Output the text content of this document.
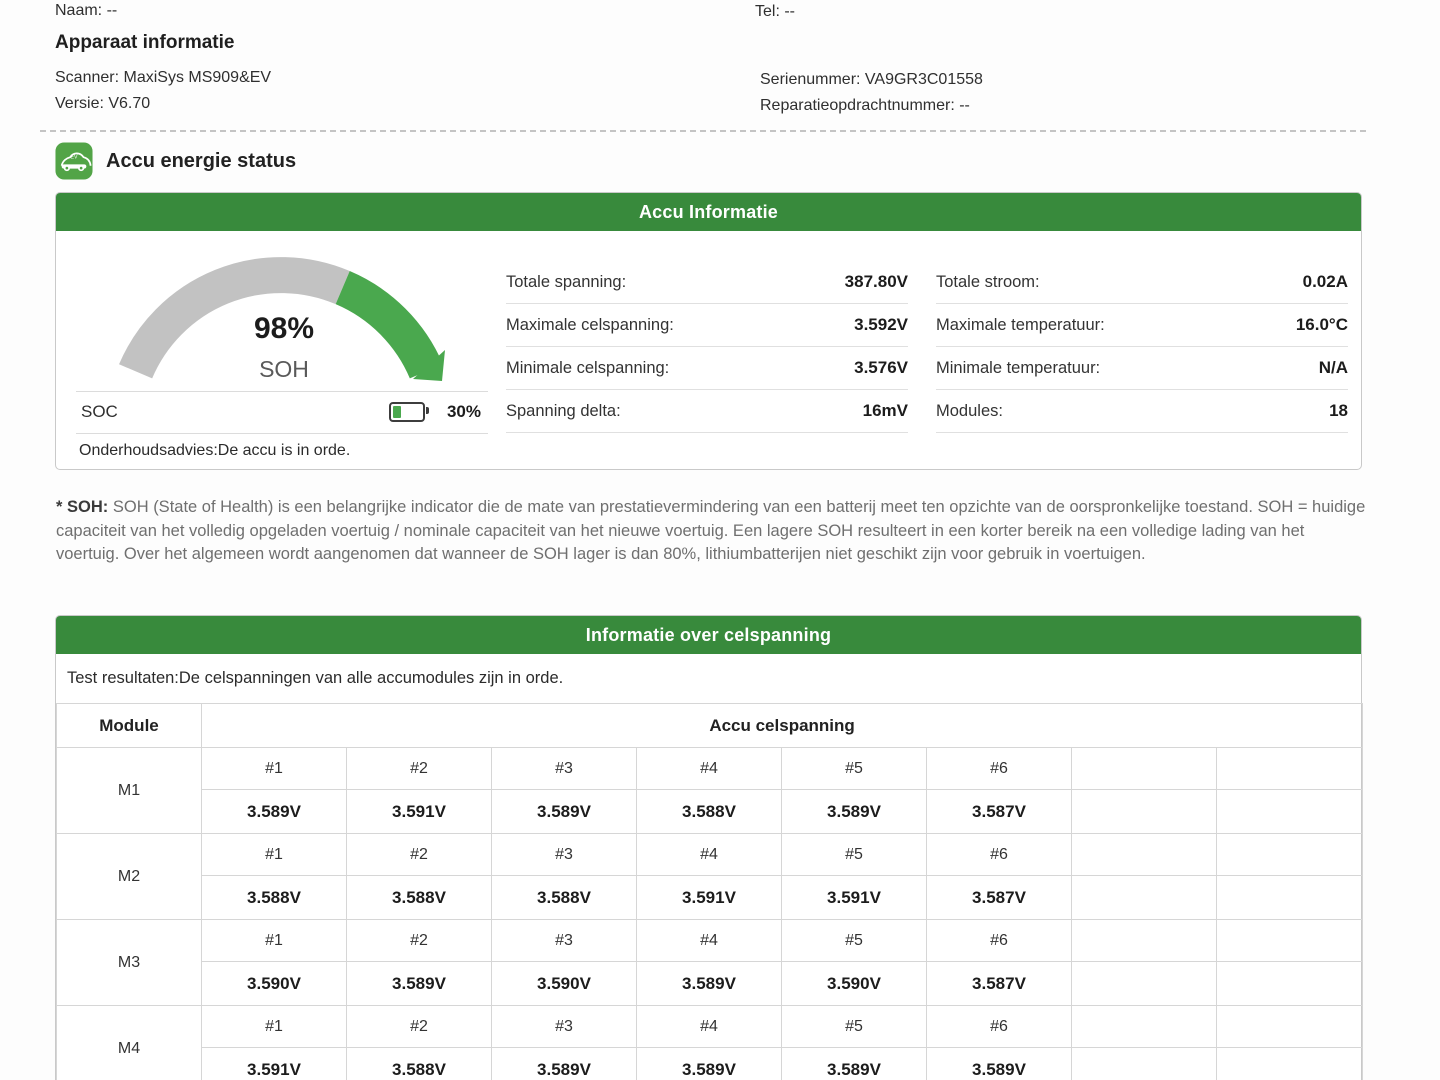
Naam: --	Tel: --
Apparaat informatie
Scanner: MaxiSys MS909&EV
Versie: V6.70
Serienummer: VA9GR3C01558
Reparatieopdrachtnummer: --
EV Accu energie status
Accu Informatie
98%
SOH
SOC	30%
Onderhoudsadvies:De accu is in orde.
Totale spanning:	387.80V
Maximale celspanning:	3.592V
Minimale celspanning:	3.576V
Spanning delta:	16mV
Totale stroom:	0.02A
Maximale temperatuur:	16.0°C
Minimale temperatuur:	N/A
Modules:	18
* SOH: SOH (State of Health) is een belangrijke indicator die de mate van prestatievermindering van een batterij meet ten opzichte van de oorspronkelijke toestand. SOH = huidige capaciteit van het volledig opgeladen voertuig / nominale capaciteit van het nieuwe voertuig. Een lagere SOH resulteert in een korter bereik na een volledige lading van het voertuig. Over het algemeen wordt aangenomen dat wanneer de SOH lager is dan 80%, lithiumbatterijen niet geschikt zijn voor gebruik in voertuigen.
Informatie over celspanning
Test resultaten:De celspanningen van alle accumodules zijn in orde.
Module	Accu celspanning							
M1	#1	#2	#3	#4	#5	#6		
	3.589V	3.591V	3.589V	3.588V	3.589V	3.587V		
M2	#1	#2	#3	#4	#5	#6		
	3.588V	3.588V	3.588V	3.591V	3.591V	3.587V		
M3	#1	#2	#3	#4	#5	#6		
	3.590V	3.589V	3.590V	3.589V	3.590V	3.587V		
M4	#1	#2	#3	#4	#5	#6		
	3.591V	3.588V	3.589V	3.589V	3.589V	3.589V		
